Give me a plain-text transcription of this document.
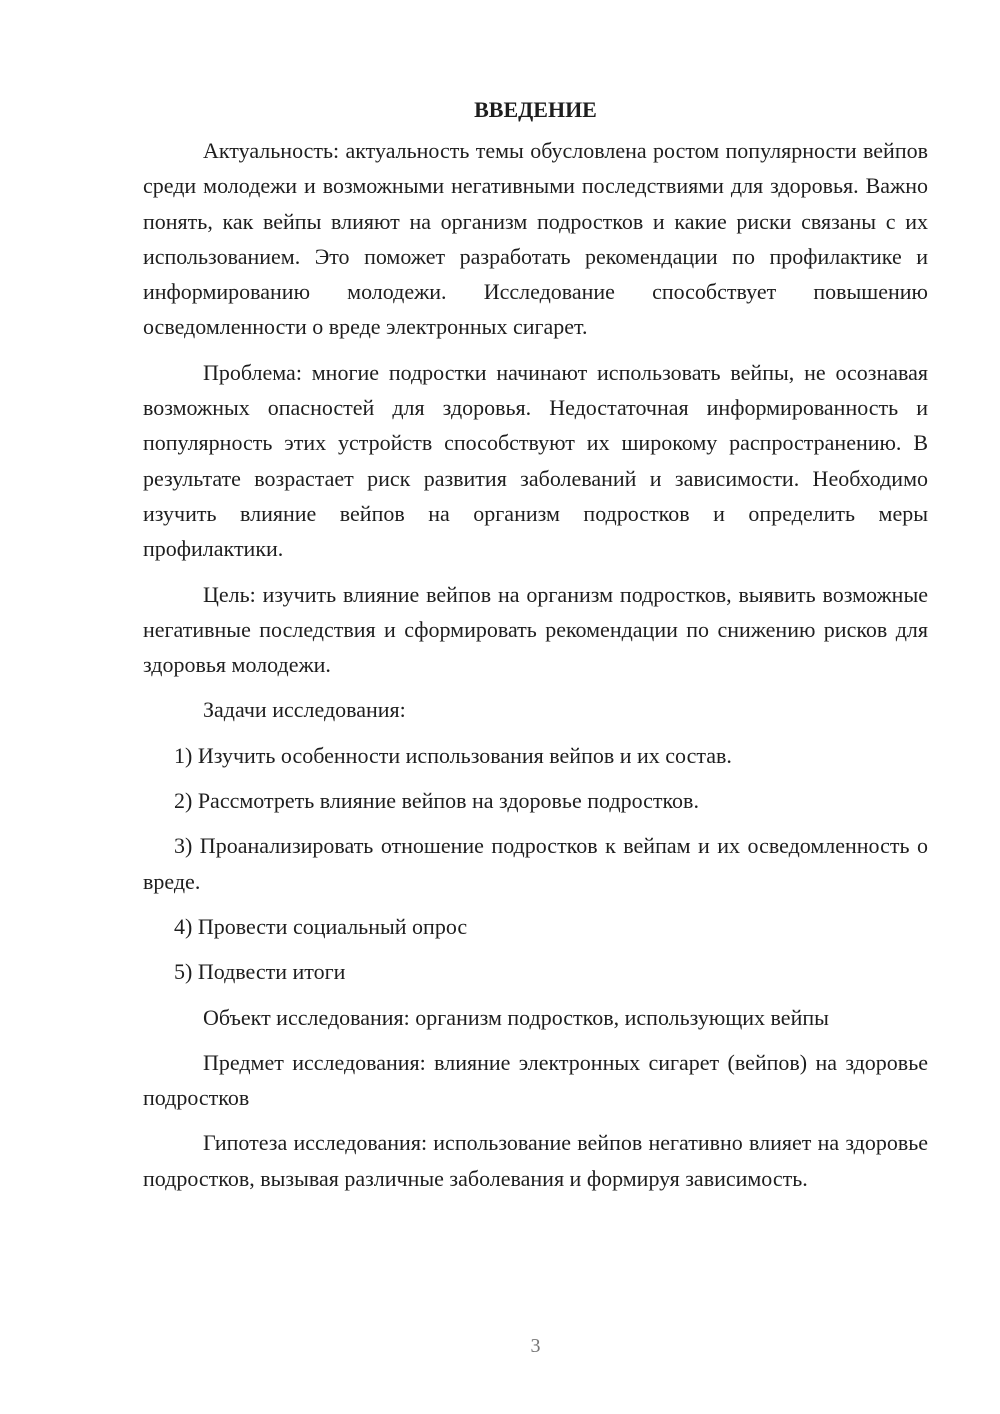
ВВЕДЕНИЕ

Актуальность: актуальность темы обусловлена ростом популярности вейпов среди молодежи и возможными негативными последствиями для здоровья. Важно понять, как вейпы влияют на организм подростков и какие риски связаны с их использованием. Это поможет разработать рекомендации по профилактике и информированию молодежи. Исследование способствует повышению осведомленности о вреде электронных сигарет.

Проблема: многие подростки начинают использовать вейпы, не осознавая возможных опасностей для здоровья. Недостаточная информированность и популярность этих устройств способствуют их широкому распространению. В результате возрастает риск развития заболеваний и зависимости. Необходимо изучить влияние вейпов на организм подростков и определить меры профилактики.

Цель: изучить влияние вейпов на организм подростков, выявить возможные негативные последствия и сформировать рекомендации по снижению рисков для здоровья молодежи.

Задачи исследования:

1) Изучить особенности использования вейпов и их состав.

2) Рассмотреть влияние вейпов на здоровье подростков.

3) Проанализировать отношение подростков к вейпам и их осведомленность о вреде.

4) Провести социальный опрос

5) Подвести итоги

Объект исследования: организм подростков, использующих вейпы

Предмет исследования: влияние электронных сигарет (вейпов) на здоровье подростков

Гипотеза исследования: использование вейпов негативно влияет на здоровье подростков, вызывая различные заболевания и формируя зависимость.

3
